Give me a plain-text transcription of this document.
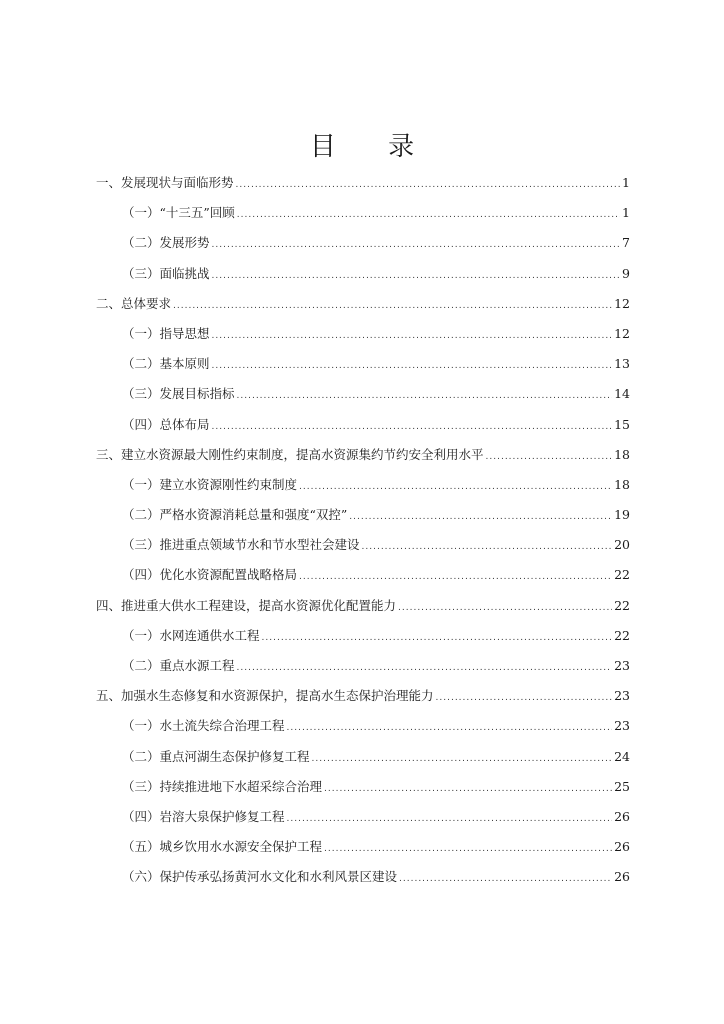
目 录
一、发展现状与面临形势 .....	1
（一）“十三五”回顾 .....	1
（二）发展形势 .....	7
（三）面临挑战 .....	9
二、总体要求 .....	12
（一）指导思想 .....	12
（二）基本原则 .....	13
（三）发展目标指标 .....	14
（四）总体布局 .....	15
三、建立水资源最大刚性约束制度，提高水资源集约节约安全利用水平 .....	18
（一）建立水资源刚性约束制度 .....	18
（二）严格水资源消耗总量和强度“双控” .....	19
（三）推进重点领域节水和节水型社会建设 .....	20
（四）优化水资源配置战略格局 .....	22
四、推进重大供水工程建设，提高水资源优化配置能力 .....	22
（一）水网连通供水工程 .....	22
（二）重点水源工程 .....	23
五、加强水生态修复和水资源保护，提高水生态保护治理能力 .....	23
（一）水土流失综合治理工程 .....	23
（二）重点河湖生态保护修复工程 .....	24
（三）持续推进地下水超采综合治理 .....	25
（四）岩溶大泉保护修复工程 .....	26
（五）城乡饮用水水源安全保护工程 .....	26
（六）保护传承弘扬黄河水文化和水利风景区建设 .....	26
